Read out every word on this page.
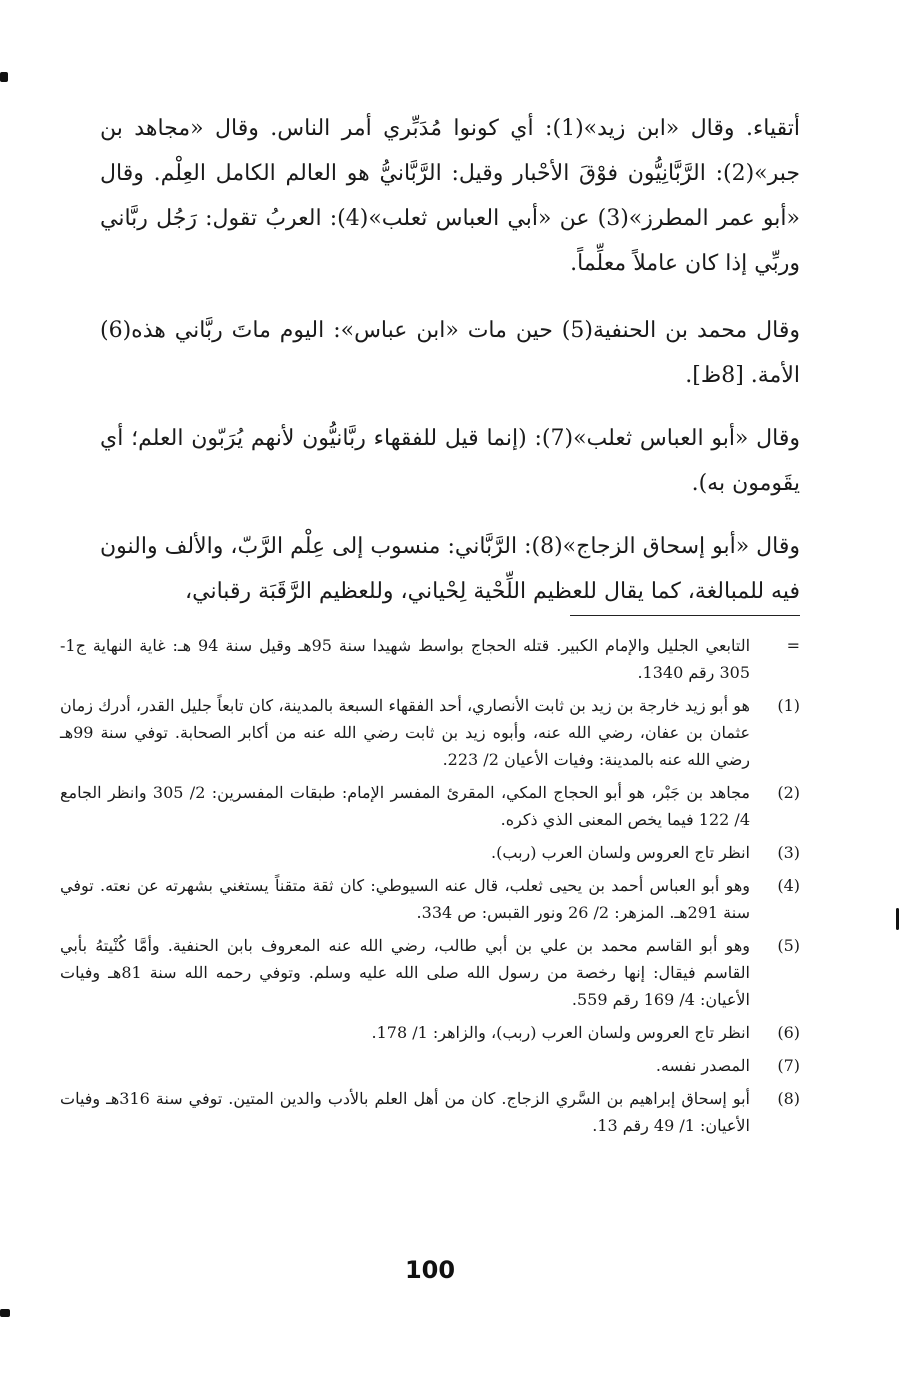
أتقياء. وقال «ابن زيد»(1): أي كونوا مُدَبِّري أمر الناس. وقال «مجاهد بن جبر»(2): الرَّبَّانِيُّون فوْقَ الأحْبار وقيل: الرَّبَّانيُّ هو العالم الكامل العِلْم. وقال «أبو عمر المطرز»(3) عن «أبي العباس ثعلب»(4): العربُ تقول: رَجُل ربَّاني وربِّي إذا كان عاملاً معلِّماً.

وقال محمد بن الحنفية(5) حين مات «ابن عباس»: اليوم ماتَ ربَّاني هذه(6) الأمة. [8ظ].

وقال «أبو العباس ثعلب»(7): (إنما قيل للفقهاء ربَّانيُّون لأنهم يُرَبّون العلم؛ أي يقَومون به).

وقال «أبو إسحاق الزجاج»(8): الرَّبَّاني: منسوب إلى عِلْم الرَّبّ، والألف والنون فيه للمبالغة، كما يقال للعظيم اللِّحْية لِحْياني، وللعظيم الرَّقَبَة رقباني،

=
التابعي الجليل والإمام الكبير. قتله الحجاج بواسط شهيدا سنة 95هـ وقيل سنة 94 هـ: غاية النهاية ج1-305 رقم 1340.
(1)
هو أبو زيد خارجة بن زيد بن ثابت الأنصاري، أحد الفقهاء السبعة بالمدينة، كان تابعاً جليل القدر، أدرك زمان عثمان بن عفان، رضي الله عنه، وأبوه زيد بن ثابت رضي الله عنه من أكابر الصحابة. توفي سنة 99هـ رضي الله عنه بالمدينة: وفيات الأعيان 2/ 223.
(2)
مجاهد بن جَبْر، هو أبو الحجاج المكي، المقرئ المفسر الإمام: طبقات المفسرين: 2/ 305 وانظر الجامع 4/ 122 فيما يخص المعنى الذي ذكره.
(3)
انظر تاج العروس ولسان العرب (ربب).
(4)
وهو أبو العباس أحمد بن يحيى ثعلب، قال عنه السيوطي: كان ثقة متقناً يستغني بشهرته عن نعته. توفي سنة 291هـ. المزهر: 2/ 26 ونور القبس: ص 334.
(5)
وهو أبو القاسم محمد بن علي بن أبي طالب، رضي الله عنه المعروف بابن الحنفية. وأمَّا كُنْيتهُ بأبي القاسم فيقال: إنها رخصة من رسول الله صلى الله عليه وسلم. وتوفي رحمه الله سنة 81هـ وفيات الأعيان: 4/ 169 رقم 559.
(6)
انظر تاج العروس ولسان العرب (ربب)، والزاهر: 1/ 178.
(7)
المصدر نفسه.
(8)
أبو إسحاق إبراهيم بن السَّري الزجاج. كان من أهل العلم بالأدب والدين المتين. توفي سنة 316هـ وفيات الأعيان: 1/ 49 رقم 13.
100
